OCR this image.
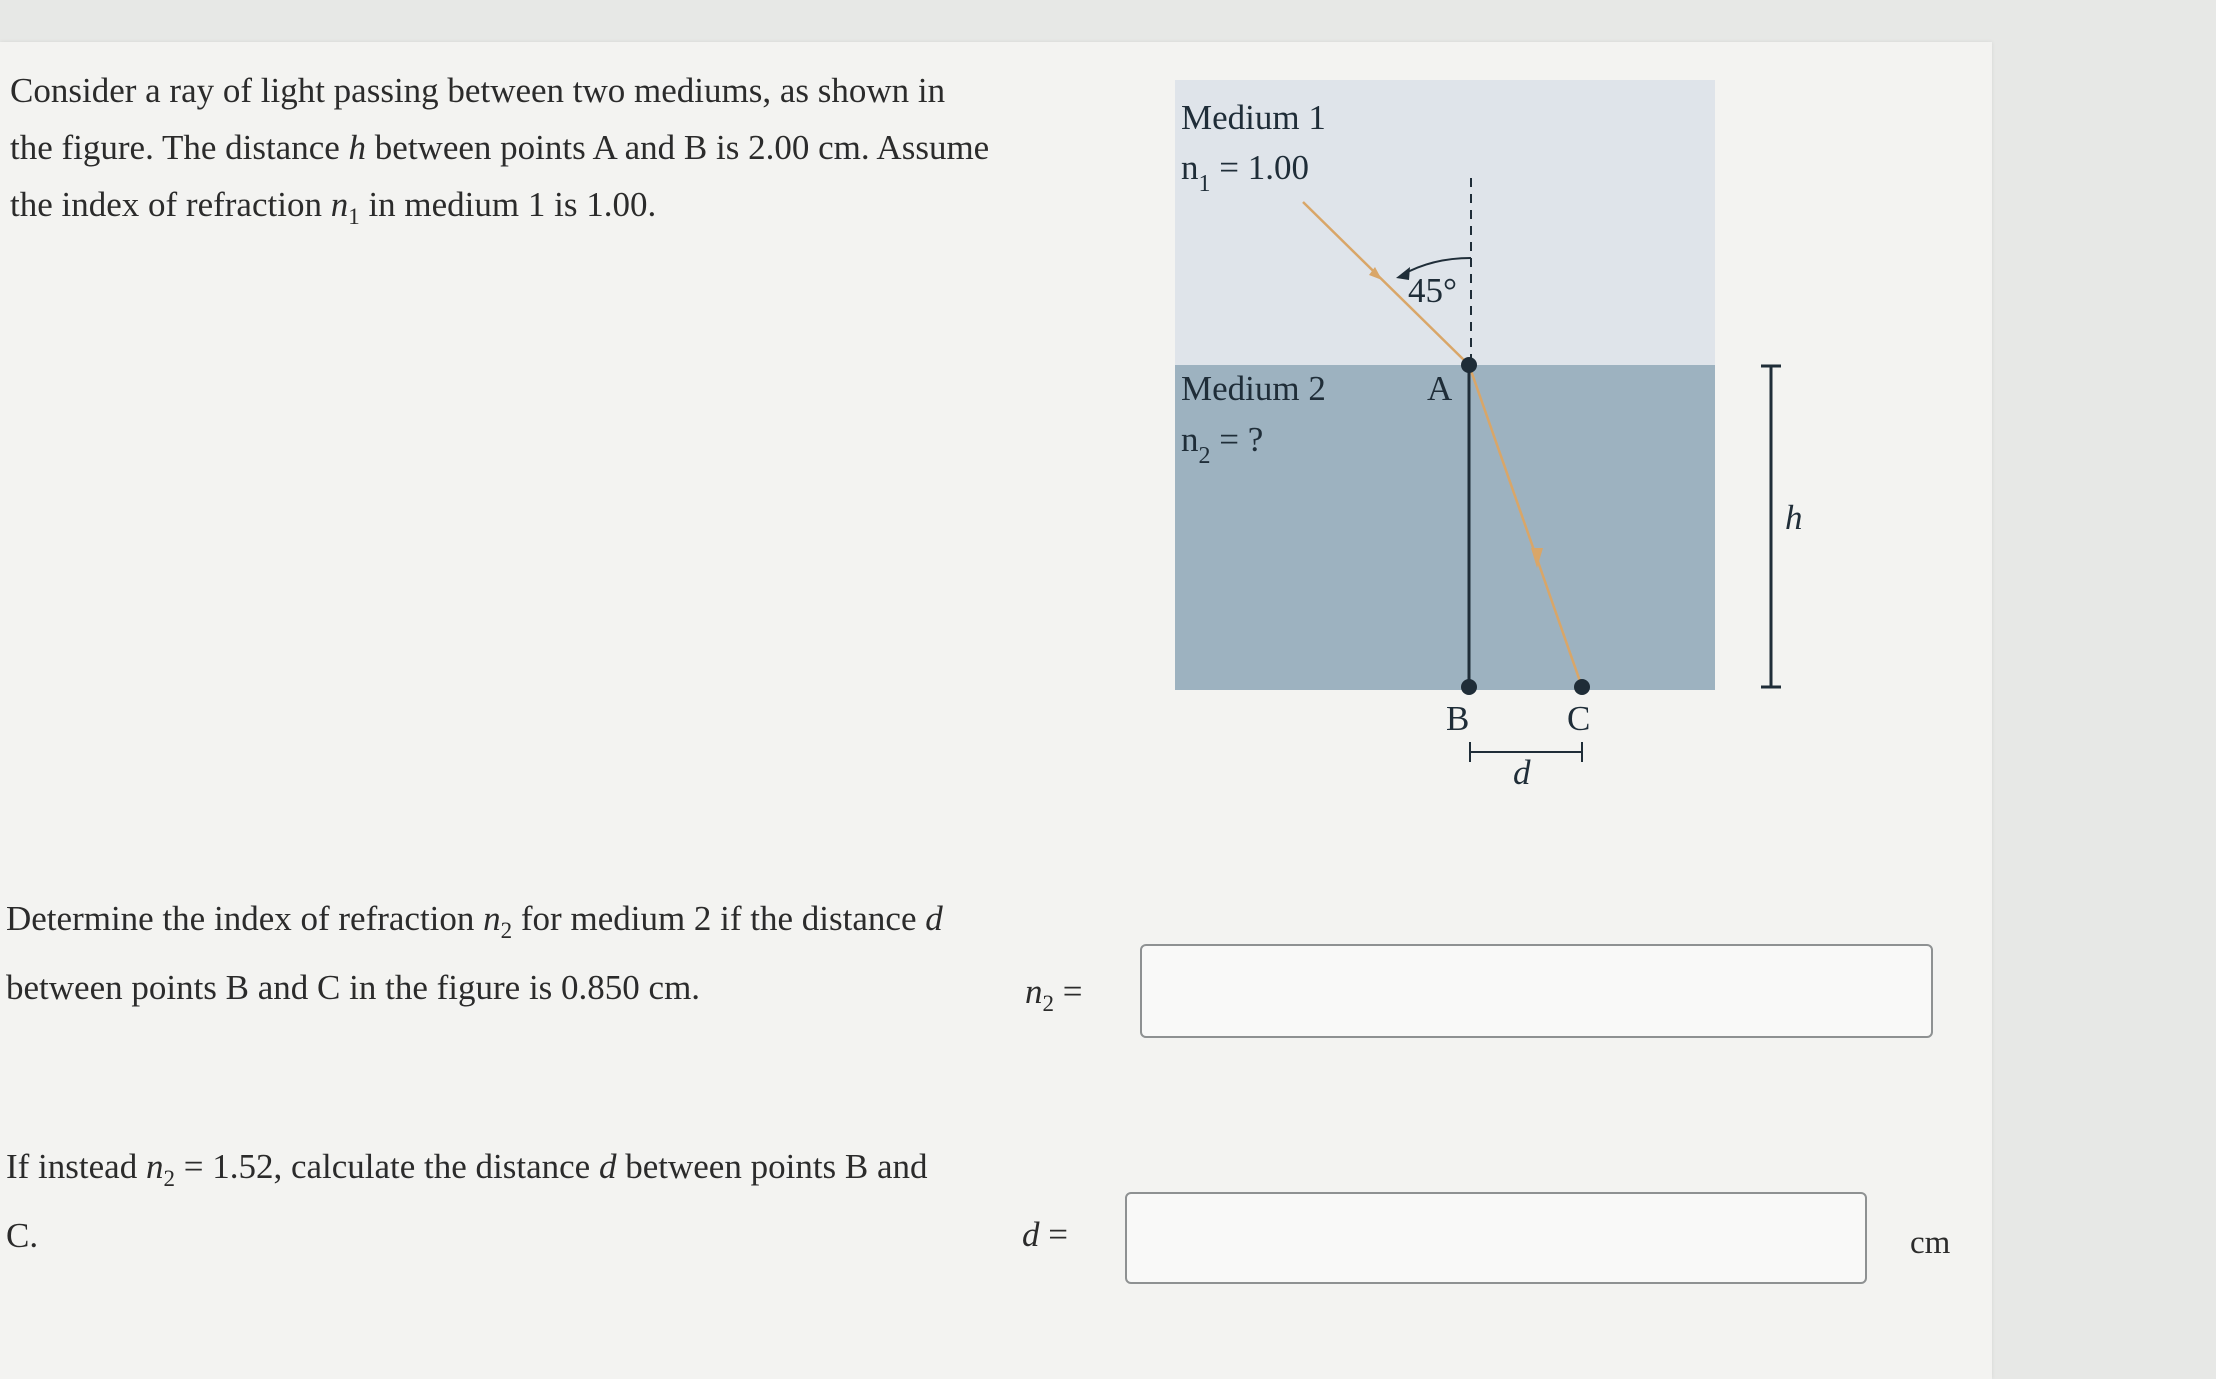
Consider a ray of light passing between two mediums, as shown in the figure. The distance h between points A and B is 2.00 cm. Assume the index of refraction $n_1$ in medium 1 is 1.00.
45°
Medium 1
$n_1 = 1.00$
Medium 2
$n_2$ = ?
A
B	C
d
h
Determine the index of refraction $n_2$ for medium 2 if the distance d between points B and C in the figure is 0.850 cm.	$n_2$ =
If instead $n_2 = 1.52$, calculate the distance d between points B and C.	d =	cm
